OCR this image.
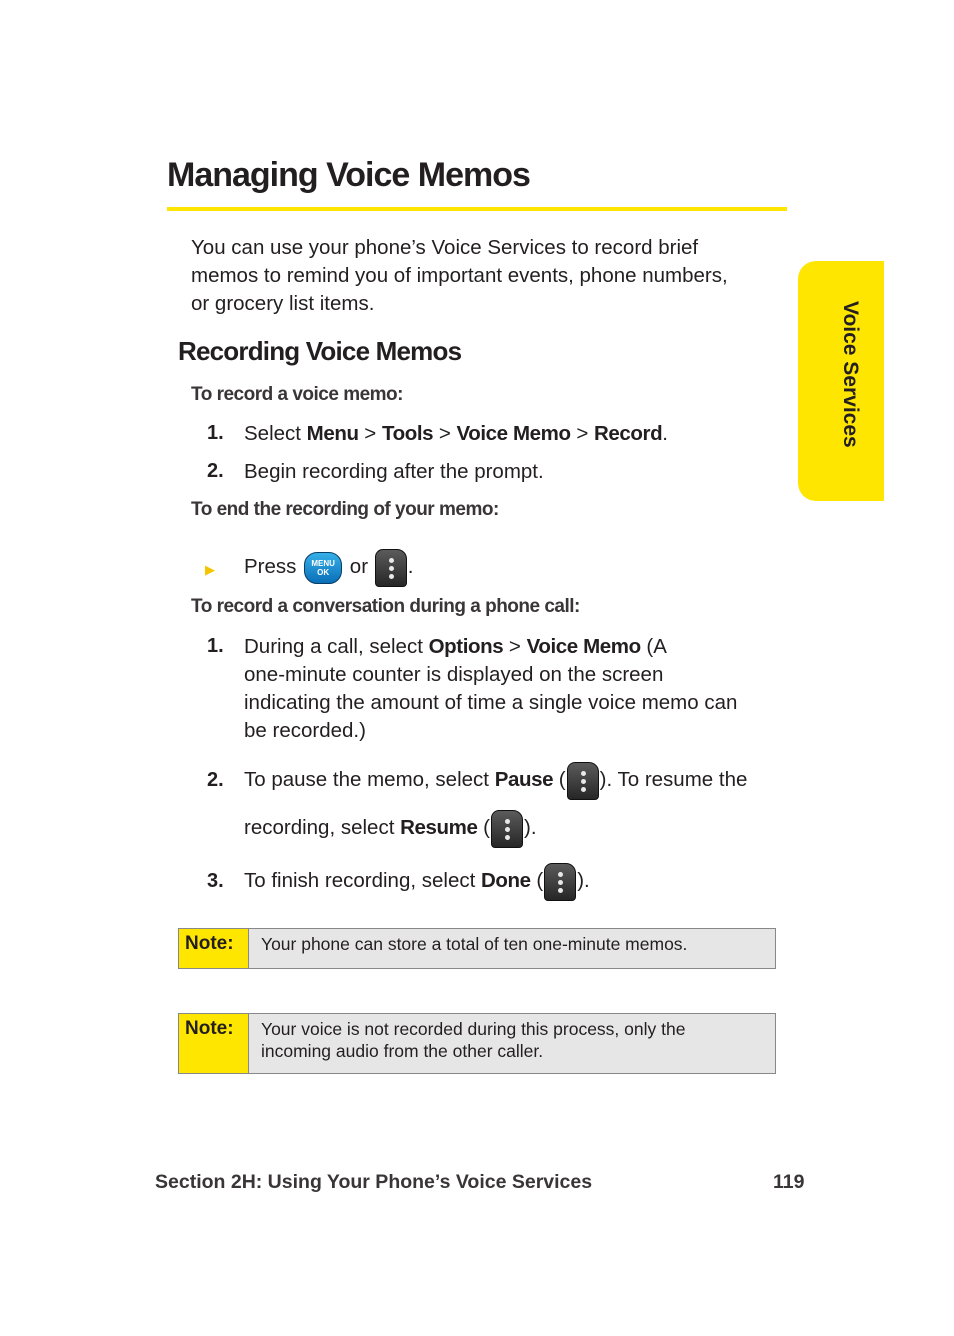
Managing Voice Memos
Voice Services
You can use your phone’s Voice Services to record brief
memos to remind you of important events, phone numbers,
or grocery list items.
Recording Voice Memos
To record a voice memo:
1. Select Menu > Tools > Voice Memo > Record.
2. Begin recording after the prompt.
To end the recording of your memo:
▶ Press	MENU
OK or
.
To record a conversation during a phone call:
1. During a call, select Options > Voice Memo (A
one-minute counter is displayed on the screen
indicating the amount of time a single voice memo can
be recorded.)
2. To pause the memo, select Pause ( ). To resume the
recording, select Resume ( ).
3. To finish recording, select Done ( ).
Note:	Your phone can store a total of ten one-minute memos.
Note:	Your voice is not recorded during this process, only the
incoming audio from the other caller.
Section 2H: Using Your Phone’s Voice Services	119
